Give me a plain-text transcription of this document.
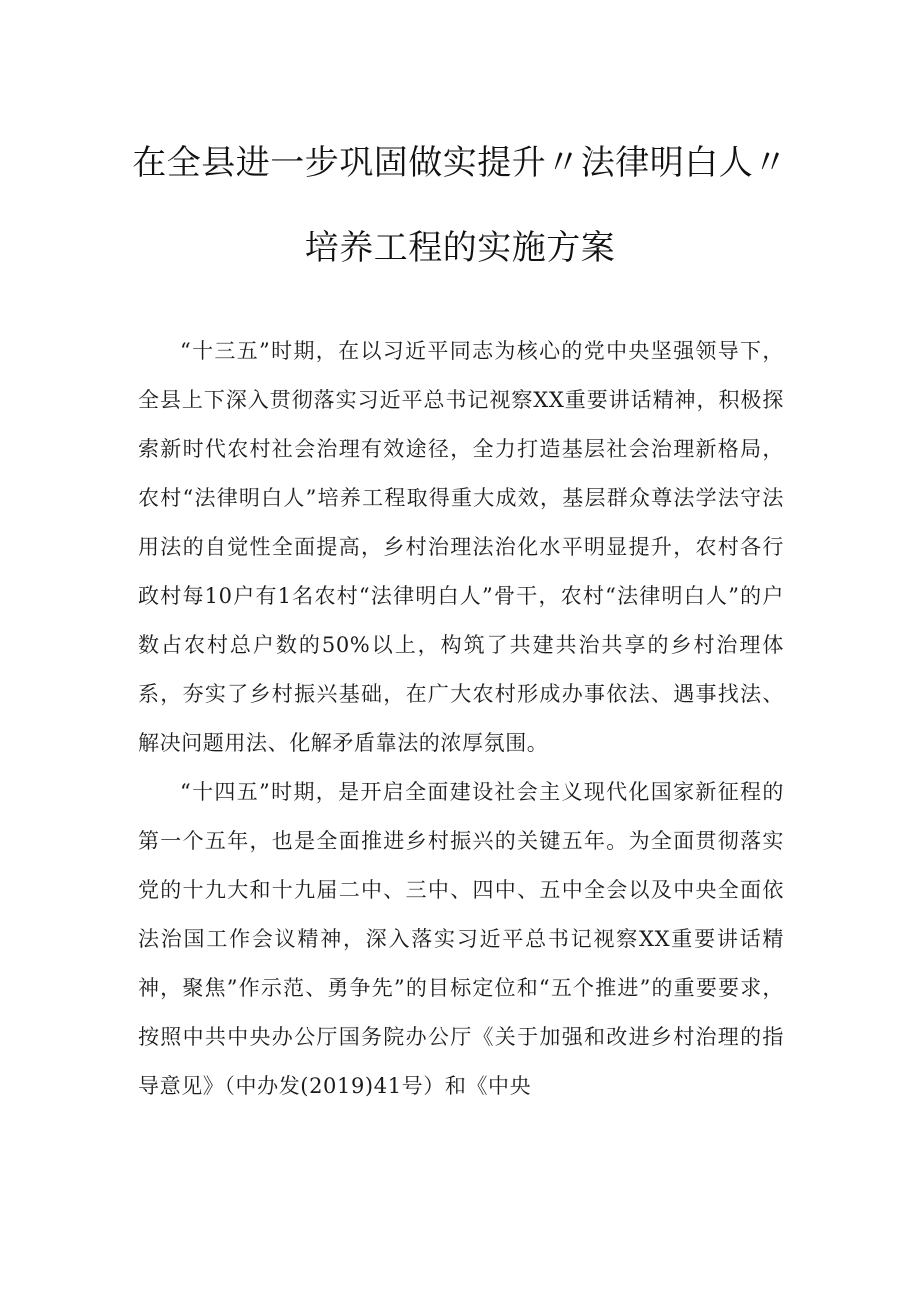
在全县进一步巩固做实提升〃法律明白人〃
培养工程的实施方案

“十三五”时期，在以习近平同志为核心的党中央坚强领导下，全县上下深入贯彻落实习近平总书记视察XX重要讲话精神，积极探索新时代农村社会治理有效途径，全力打造基层社会治理新格局，农村“法律明白人”培养工程取得重大成效，基层群众尊法学法守法用法的自觉性全面提高，乡村治理法治化水平明显提升，农村各行政村每10户有1名农村“法律明白人”骨干，农村“法律明白人”的户数占农村总户数的50%以上，构筑了共建共治共享的乡村治理体系，夯实了乡村振兴基础，在广大农村形成办事依法、遇事找法、解决问题用法、化解矛盾靠法的浓厚氛围。

“十四五”时期，是开启全面建设社会主义现代化国家新征程的第一个五年，也是全面推进乡村振兴的关键五年。为全面贯彻落实党的十九大和十九届二中、三中、四中、五中全会以及中央全面依法治国工作会议精神，深入落实习近平总书记视察XX重要讲话精神，聚焦”作示范、勇争先”的目标定位和“五个推进”的重要要求，按照中共中央办公厅国务院办公厅《关于加强和改进乡村治理的指导意见》（中办发(2019)41号）和《中央
